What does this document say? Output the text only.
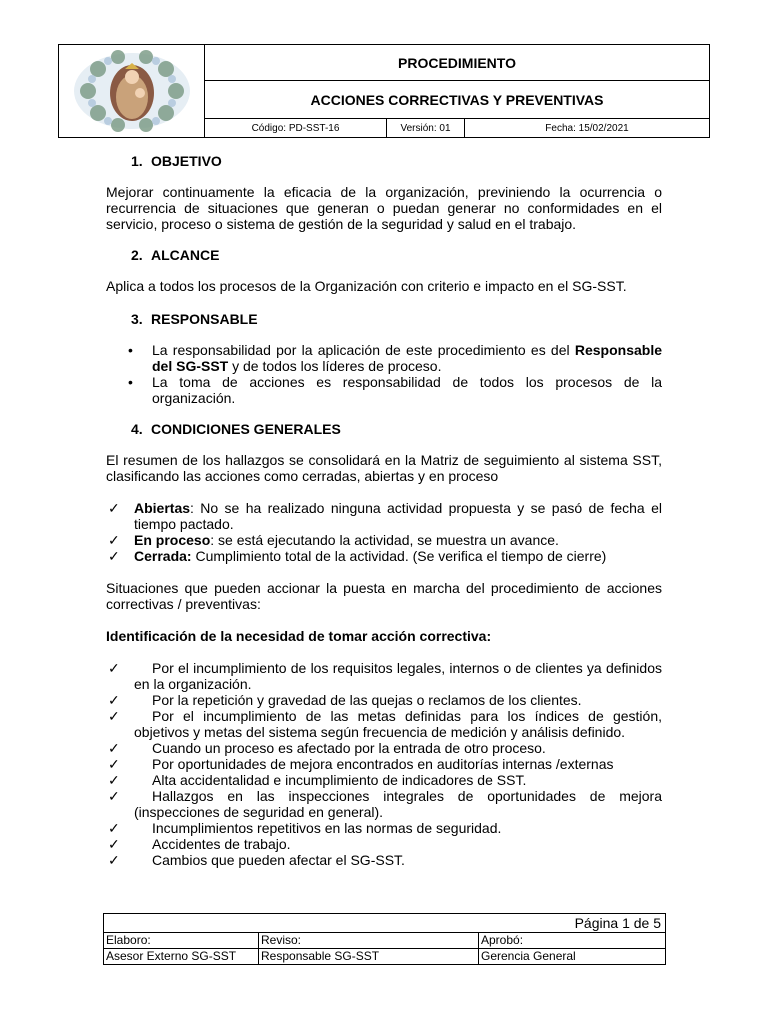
PROCEDIMIENTO
ACCIONES CORRECTIVAS Y PREVENTIVAS
Código: PD-SST-16	Versión: 01	Fecha: 15/02/2021
1. OBJETIVO

Mejorar continuamente la eficacia de la organización, previniendo la ocurrencia o recurrencia de situaciones que generan o puedan generar no conformidades en el servicio, proceso o sistema de gestión de la seguridad y salud en el trabajo.

2. ALCANCE

Aplica a todos los procesos de la Organización con criterio e impacto en el SG-SST.

3. RESPONSABLE
• La responsabilidad por la aplicación de este procedimiento es del Responsable del SG-SST y de todos los líderes de proceso.
• La toma de acciones es responsabilidad de todos los procesos de la organización.
4. CONDICIONES GENERALES

El resumen de los hallazgos se consolidará en la Matriz de seguimiento al sistema SST, clasificando las acciones como cerradas, abiertas y en proceso

✓ Abiertas: No se ha realizado ninguna actividad propuesta y se pasó de fecha el tiempo pactado.
✓ En proceso: se está ejecutando la actividad, se muestra un avance.
✓ Cerrada: Cumplimiento total de la actividad. (Se verifica el tiempo de cierre)

Situaciones que pueden accionar la puesta en marcha del procedimiento de acciones correctivas / preventivas:

Identificación de la necesidad de tomar acción correctiva:

✓ Por el incumplimiento de los requisitos legales, internos o de clientes ya definidos en la organización.
✓ Por la repetición y gravedad de las quejas o reclamos de los clientes.
✓ Por el incumplimiento de las metas definidas para los índices de gestión, objetivos y metas del sistema según frecuencia de medición y análisis definido.
✓ Cuando un proceso es afectado por la entrada de otro proceso.
✓ Por oportunidades de mejora encontrados en auditorías internas /externas
✓ Alta accidentalidad e incumplimiento de indicadores de SST.
✓ Hallazgos en las inspecciones integrales de oportunidades de mejora (inspecciones de seguridad en general).
✓ Incumplimientos repetitivos en las normas de seguridad.
✓ Accidentes de trabajo.
✓ Cambios que pueden afectar el SG-SST.
Página 1 de 5
Elaboro:	Reviso:	Aprobó:
Asesor Externo SG-SST	Responsable SG-SST	Gerencia General
